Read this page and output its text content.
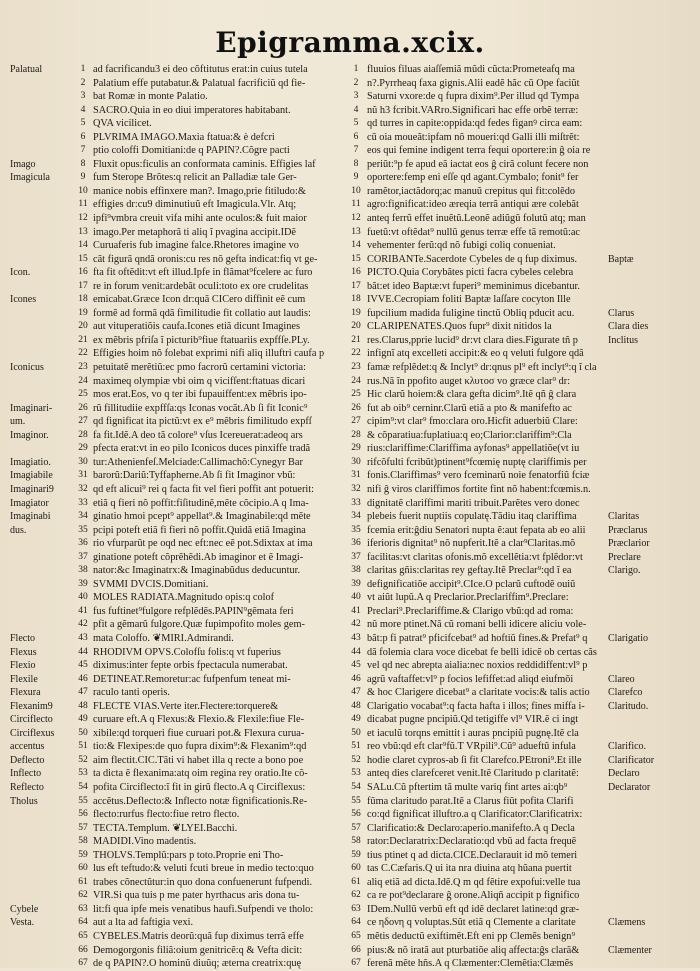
Epigramma.xcix.
Palatual
Imago
Imagicula
Icon.
Icones
Iconicus
Imaginari-
um.
Imaginor.
Imagiatio.
Imagiabile
Imaginari9
Imagiator
Imaginabi
dus.
Flecto
Flexus
Flexio
Flexile
Flexura
Flexanim9
Circiflecto
Circiflexus
accentus
Deflecto
Inflecto
Reflecto
Tholus
Cybele
Vesta.
1
2
3
4
5
6
7
8
9
10
11
12
13
14
15
16
17
18
19
20
21
22
23
24
25
26
27
28
29
30
31
32
33
34
35
36
37
38
39
40
41
42
43
44
45
46
47
48
49
50
51
52
53
54
55
56
57
58
59
60
61
62
63
64
65
66
67
ad facrificandu3 ei deo cõftitutus erat:in cuius tutela
Palatium effe putabatur.& Palatual facrificiũ qd fie-
bat Romæ in monte Palatio.
SACRO.Quia in eo diui imperatores habitabant.
QVA vicilicet.
PLVRIMA IMAGO.Maxia ftatua:& è defcri
ptio coloffi Domitiani:de q PAPIN?.Cõgre pacti
Fluxit opus:ficulis an conformata caminis. Effigies laf
fum Sterope Brõtes:q relicit an Palladiæ tale Ger-
manice nobis effinxere man?. Imago,prie fitiludo:&
effigies dr:cu9 diminutiuũ eft Imagicula.Vlr. Atq;
ipfi⁹vmbra creuit vifa mihi ante oculos:& fuit maior
imago.Per metaphorã ti aliq ĩ pvagina accipit.IDẽ
Curuaferis fub imagine falce.Rhetores imagine vo
cãt figurã qndã oronis:cu res nõ gefta indicat:fiq vt ge-
fta fit oftẽdit:vt eft illud.Ipfe in flãmat⁹fcelere ac furo
re in forum venit:ardebãt oculi:toto ex ore crudelitas
emicabat.Græce Icon dr:quã CICero diffinit eẽ cum
formẽ ad formã qdã fimilitudie fit collatio aut laudis:
aut vituperatiõis caufa.Icones etiã dicunt Imagines
ex mẽbris pfriſa ĩ picturib⁹fiue ftatuariis expffſe.PLy.
Effigies hoim nõ folebat exprimi nifi aliq illuftri caufa p
petuitatẽ merẽtiũ:ec pmo facrorũ certamini victoria:
maximeq olympiæ vbi oim q vicifſent:ftatuas dicari
mos erat.Eos, vo q ter ibi fupauiffent:ex mẽbris ipo-
rũ fillitudiie expffſa:qs Iconas vocãt.Ab ſi fit Iconic⁹
qd fignificat ita pictũ:vt ex e⁹ mẽbris fimilitudo expfſ
fa fit.Idẽ.A deo tã colore⁹ vſus Icereuerat:adeoq ars
pfecta erat:vt in eo pilo Iconicos duces pinxiffe tradã
tur:Athenienfeſ.Melciade:Callimachõ:Cynegyr Bar
barorũ:Dariũ:Tyffapherne.Ab ſi fit Imaginor vbũ:
qd eft alicui⁹ rei q facta fit vel fieri poffit ant potuerit:
etiã q fieri nõ poffit:fiſitudinẽ,mẽte cõcipio.A q Ima-
ginatio hmoi pcept⁹ appellat⁹.& Imaginabile:qd mẽte
pcipi poteft etiã fi fieri nõ poffit.Quidã etiã Imagina
rio vfurparũt pe oqd nec eft:nec eẽ pot.Sdixtax at ima
ginatione poteft cõprẽhẽdi.Ab imaginor et ẽ Imagi-
nator:&c Imaginatrx:& Imaginabũdus deducuntur.
SVMMI DVCIS.Domitiani.
MOLES RADIATA.Magnitudo opis:q colof
fus fuftinet⁹fulgore refplẽdẽs.PAPIN⁹gẽmata feri
pfit a gẽmarũ fulgore.Quæ fupimpofito moles gem-
mata Coloffo. ❦MIRI.Admirandi.
RHODIVM OPVS.Colofſu folis:q vt fuperius
diximus:inter fepte orbis fpectacula numerabat.
DETINEAT.Remoretur:ac fufpenfum teneat mi-
raculo tanti operis.
FLECTE VIAS.Verte iter.Flectere:torquere&
curuare eft.A q Flexus:& Flexio.& Flexile:fiue Fle-
xibile:qd torqueri fiue curuari pot.& Flexura curua-
tio:& Flexipes:de quo fupra dixim⁹:& Flexanim⁹:qd
aim flectit.CIC.Tãti vi habet illa q recte a bono poe
ta dicta ẽ flexanima:atq oim regina rey oratio.Ite cõ-
pofita Circiflecto:ĩ fit in girũ flecto.A q Circiflexus:
accẽtus.Deflecto:& Inflecto notæ fignificationis.Re-
flecto:rurfus flecto:fiue retro flecto.
TECTA.Templum. ❦LYEI.Bacchi.
MADIDI.Vino madentis.
THOLVS.Templũ:pars p toto.Proprie eni Tho-
lus eft teftudo:& veluti fcuti breue in medio tecto:quo
trabes cõnectũtur:in quo dona confuenerunt fufpendi.
VIR.Si qua tuis p me pater hyrthacus aris dona tu-
lit:fi qua ipfe meis venatibus haufi.Sufpendi ve tholo:
aut a lta ad faftigia vexi.
CYBELES.Matris deorũ:quã fup diximus terrã effe
Demogorgonis filiã:oium genitricẽ:q & Vefta dicit:
de q PAPIN?.O hominũ diuũq; æterna creatrix:quę
1
2
3
4
5
6
7
8
9
10
11
12
13
14
15
16
17
18
19
20
21
22
23
24
25
26
27
28
29
30
31
32
33
34
35
36
37
38
39
40
41
42
43
44
45
46
47
48
49
50
51
52
53
54
55
56
57
58
59
60
61
62
63
64
65
66
67
fluuios filuas aiaſſemiã mũdi cũcta:Prometeafq ma
n?.Pyrrheaq faxa gignis.Alii eadẽ hãc cũ Ope faciũt
Saturni vxore:de q fupra dixim⁹.Per illud qd Tympa
nũ h3 fcribit.VARro.Significari hac effe orbẽ terræ:
qd turres in capite:oppida:qd fedes figanꝰ circa eam:
cũ oia moueãt:ipfam nõ moueri:qd Galli illi miſtrẽt:
eos qui femine indigent terra fequi oportere:in ĝ oia re
periũt:⁹p fe apud eã iactat eos ĝ cirã colunt fecere non
oportere:femp eni eſſe qd agant.Cymbalo; fonit⁹ fer
ramẽtor,iactãdorq;ac manuũ crepitus qui fit:colẽdo
agro:fignificat:ideo æreqia terrã antiqui ære colebãt
anteq ferrũ effet inuẽtũ.Leonẽ adiũgũ folutũ atq; man
fuetũ:vt oftẽdat⁹ nullũ genus terræ effe tã remotũ:ac
vehementer ferũ:qd nõ fubigi coliq conueniat.
CORIBANTe.Sacerdote Cybeles de q fup diximus.
PICTO.Quia Corybãtes picti facra cybeles celebra
bãt:et ideo Baptæ:vt fuperi⁹ meminimus dicebantur.
IVVE.Cecropiam foliti Baptæ laſſare cocyton Ille
fupcilium madida fuligine tinctũ Obliq pducit acu.
CLARIPENATES.Quos fupr⁹ dixit nitidos la
res.Clarus,pprie lucid⁹ dr:vt clara dies.Figurate tñ p
infignĩ atq excelleti accipit:& eo q veluti fulgore qdã
famæ refplẽdet:q & Inclyt⁹ dr:qnus pl⁹ eft inclyt⁹:q ĩ cla
rus.Nã ĩn ppofito auget κλυτοσ vo græce clar⁹ dr:
Hic clarũ hoiem:& clara gefta dicim⁹.Itẽ qñ ĝ clara
fut ab oib⁹ cerninr.Clarũ etiã a pto & manifefto ac
cipim⁹:vt clar⁹ fmo:clara oro.Hicfit aduerbiũ Clare:
& cõparatiua:fuplatiua:q eo;Clarior:clariffim⁹:Cla
rius:clariffime:Clariffima ayfonas⁹ appellatiõe(vt iu
rifcõfulti fcribũt)ptinent⁹fcœmię nuptę clariffimis per
fonis.Clariffimas⁹ vero fceminarũ noie fenatorfiũ fciæ
nifi ĝ viros clariffimos fortite fint nõ habent:fcœmis.n.
dignitatẽ clariffimi mariti tribuit.Parẽtes vero donec
plebeis fuerit nuptiis copulatę.Tãdiu itaq clariffima
fcemia erit:ĝdiu Senatori nupta ẽ:aut fepata ab eo alii
iferioris dignitat⁹ nõ nupferit.Itẽ a clar⁹Claritas.mõ
facilitas:vt claritas ofonis.mõ excellẽtia:vt fplẽdor:vt
claritas gñis:claritas rey geftay.Itẽ Preclar⁹:qd ĩ ea
defignificatiõe accipit⁹.CIce.O pclarũ cuftodẽ ouiũ
vt aiũt lupũ.A q Preclarior.Preclariffim⁹.Preclare:
Preclari⁹.Preclariffime.& Clarigo vbũ:qd ad roma:
nũ more ptinet.Nã cũ romani belli idicere aliciu vole-
bãt:p fi patrat⁹ pficifcebat⁹ ad hoftiũ fines.& Prefat⁹ q
dã folemia clara voce dicebat fe belli idicẽ ob certas cãs
vel qd nec abrepta aialia:nec noxios reddidiffent:vl⁹ p
agrũ vaftaffet:vl⁹ p focios lefiffet:ad aliqd eiufmõi
& hoc Clarigere dicebat⁹ a claritate vocis:& talis actio
Clarigatio vocabat⁹:q facta hafta i illos; fines miffa i-
dicabat pugne pncipiũ.Qd tetigiffe vl⁹ VIR.ẽ ci ingt
et iaculũ torqns emittit i auras pncipiũ pugnę.Itẽ cla
reo vbũ:qd eft clar⁹fũ.T VRpili⁹.Cũ⁹ adueftũ infula
hodie claret cypros-ab ſi fit Clarefco.PEtroni⁹.Et ille
anteq dies clarefceret venit.Itẽ Claritudo p claritatẽ:
SALu.Cũ pftertim tã multe variq fint artes ai:qb⁹
fũma claritudo parat.Itẽ a Clarus fiũt pofita Clarifi
co:qd fignificat illuftro.a q Clarificator:Clarificatrix:
Clarificatio:& Declaro:aperio.manifefto.A q Decla
rator:Declaratrix:Declaratio:qd vbũ ad facta frequẽ
tius ptinet q ad dicta.CICE.Declarauit id mõ temeri
tas C.Cæfaris.Q ui ita nra diuina atq hũana puertit
aliq etiã ad dicta.Idẽ.Q m qd fẽtire expofui:velle tua
ca re pot⁹declarare ĝ orone.Aliqñ accipit p fignifico
IDem.Nullũ verbũ eft qd idẽ declaret latine:qd græ-
ce ηδονη q voluptas.Sũt etiã q Clemente a claritate
mẽtis deductũ exiftimẽt.Eft eni pp Clemẽs benign⁹
pius:& nõ iratã aut pturbatiõe aliq affecta:ĝs clarã&
ferenã mẽte hñs.A q Clæmenter:Clemẽtia:Clæmẽs
Baptæ
Clarus
Clara dies
Inclitus
Claritas
Præclarus
Præclarior
Preclare
Clarigo.
Clarigatio
Clareo
Clarefco
Claritudo.
Clarifico.
Clarificator
Declaro
Declarator
Clæmens
Clæmenter
